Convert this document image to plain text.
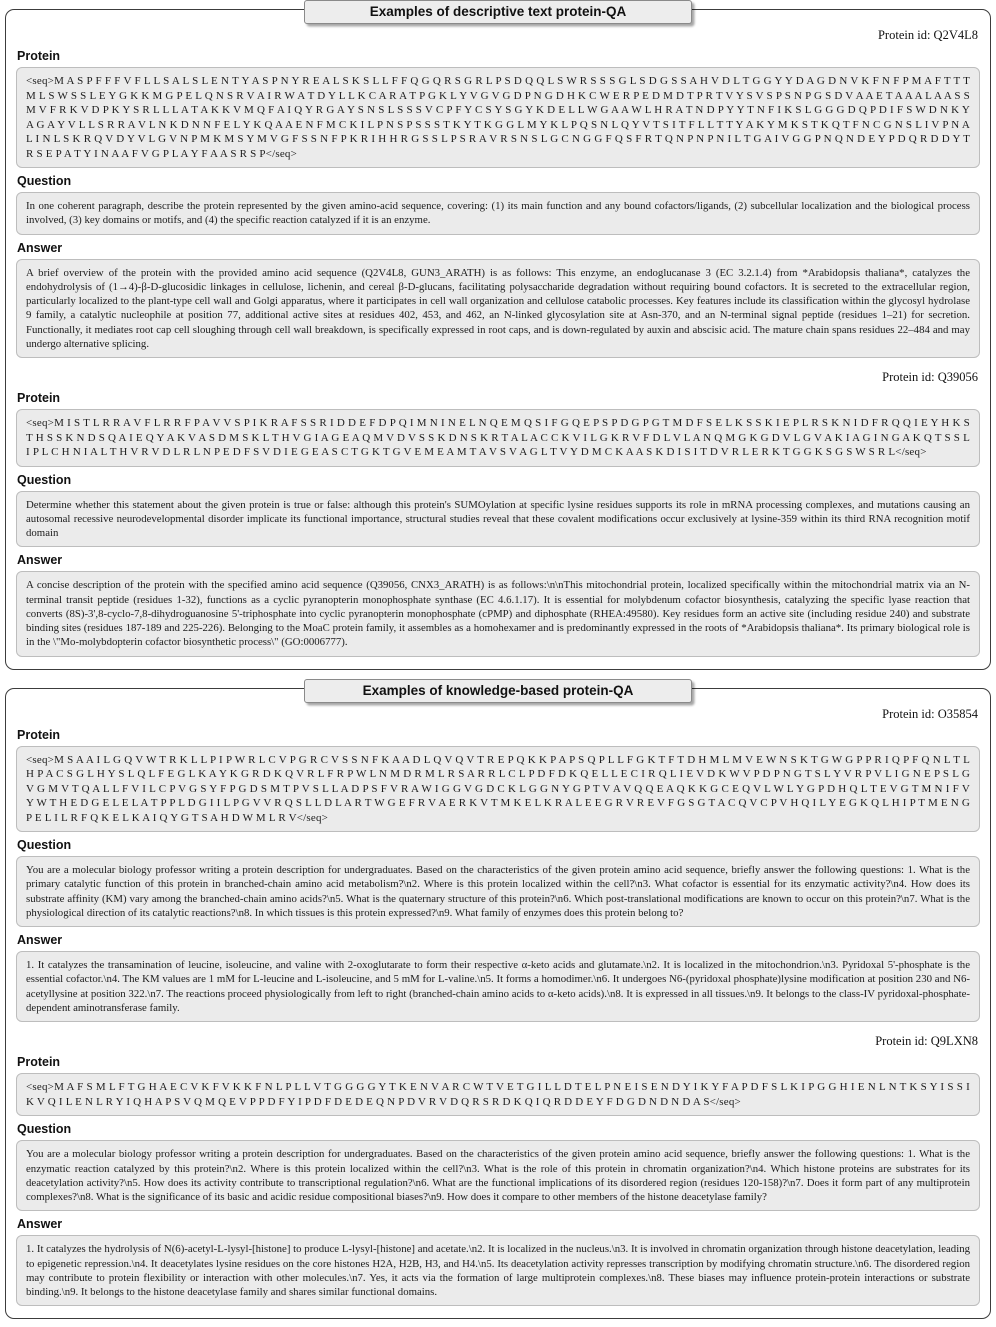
Examples of descriptive text protein-QA
Protein id: Q2V4L8
Protein
<seq>M A S P F F F V F L L S A L S L E N T Y A S P N Y R E A L S K S L L F F Q G Q R S G R L P S D Q Q L S W R S S S G L S D G S S A H V D L T G G Y Y D A G D N V K F N F P M A F T T T M L S W S S L E Y G K K M G P E L Q N S R V A I R W A T D Y L L K C A R A T P G K L Y V G V G D P N G D H K C W E R P E D M D T P R T V Y S V S P S N P G S D V A A E T A A A L A A S S M V F R K V D P K Y S R L L L A T A K K V M Q F A I Q Y R G A Y S N S L S S S V C P F Y C S Y S G Y K D E L L W G A A W L H R A T N D P Y Y T N F I K S L G G G D Q P D I F S W D N K Y A G A Y V L L S R R A V L N K D N N F E L Y K Q A A E N F M C K I L P N S P S S S T K Y T K G G L M Y K L P Q S N L Q Y V T S I T F L L T T Y A K Y M K S T K Q T F N C G N S L I V P N A L I N L S K R Q V D Y V L G V N P M K M S Y M V G F S S N F P K R I H H R G S S L P S R A V R S N S L G C N G G F Q S F R T Q N P N P N I L T G A I V G G P N Q N D E Y P D Q R D D Y T R S E P A T Y I N A A F V G P L A Y F A A S R S P</seq>
Question
In one coherent paragraph, describe the protein represented by the given amino-acid sequence, covering: (1) its main function and any bound cofactors/ligands, (2) subcellular localization and the biological process involved, (3) key domains or motifs, and (4) the specific reaction catalyzed if it is an enzyme.
Answer
A brief overview of the protein with the provided amino acid sequence (Q2V4L8, GUN3_ARATH) is as follows: This enzyme, an endoglucanase 3 (EC 3.2.1.4) from *Arabidopsis thaliana*, catalyzes the endohydrolysis of (1→4)-β-D-glucosidic linkages in cellulose, lichenin, and cereal β-D-glucans, facilitating polysaccharide degradation without requiring bound cofactors. It is secreted to the extracellular region, particularly localized to the plant-type cell wall and Golgi apparatus, where it participates in cell wall organization and cellulose catabolic processes. Key features include its classification within the glycosyl hydrolase 9 family, a catalytic nucleophile at position 77, additional active sites at residues 402, 453, and 462, an N-linked glycosylation site at Asn-370, and an N-terminal signal peptide (residues 1–21) for secretion. Functionally, it mediates root cap cell sloughing through cell wall breakdown, is specifically expressed in root caps, and is down-regulated by auxin and abscisic acid. The mature chain spans residues 22–484 and may undergo alternative splicing.
Protein id: Q39056
Protein
<seq>M I S T L R R A V F L R R F P A V V S P I K R A F S S R I D D E F D P Q I M N I N E L N Q E M Q S I F G Q E P S P D G P G T M D F S E L K S S K I E P L R S K N I D F R Q Q I E Y H K S T H S S K N D S Q A I E Q Y A K V A S D M S K L T H V G I A G E A Q M V D V S S K D N S K R T A L A C C K V I L G K R V F D L V L A N Q M G K G D V L G V A K I A G I N G A K Q T S S L I P L C H N I A L T H V R V D L R L N P E D F S V D I E G E A S C T G K T G V E M E A M T A V S V A G L T V Y D M C K A A S K D I S I T D V R L E R K T G G K S G S W S R L</seq>
Question
Determine whether this statement about the given protein is true or false: although this protein's SUMOylation at specific lysine residues supports its role in mRNA processing complexes, and mutations causing an autosomal recessive neurodevelopmental disorder implicate its functional importance, structural studies reveal that these covalent modifications occur exclusively at lysine-359 within its third RNA recognition motif domain
Answer
A concise description of the protein with the specified amino acid sequence (Q39056, CNX3_ARATH) is as follows:\n\nThis mitochondrial protein, localized specifically within the mitochondrial matrix via an N-terminal transit peptide (residues 1-32), functions as a cyclic pyranopterin monophosphate synthase (EC 4.6.1.17). It is essential for molybdenum cofactor biosynthesis, catalyzing the specific lyase reaction that converts (8S)-3',8-cyclo-7,8-dihydroguanosine 5'-triphosphate into cyclic pyranopterin monophosphate (cPMP) and diphosphate (RHEA:49580). Key residues form an active site (including residue 240) and substrate binding sites (residues 187-189 and 225-226). Belonging to the MoaC protein family, it assembles as a homohexamer and is predominantly expressed in the roots of *Arabidopsis thaliana*. Its primary biological role is in the \"Mo-molybdopterin cofactor biosynthetic process\" (GO:0006777).
Examples of knowledge-based protein-QA
Protein id: O35854
Protein
<seq>M S A A I L G Q V W T R K L L P I P W R L C V P G R C V S S N F K A A D L Q V Q V T R E P Q K K P A P S Q P L L F G K T F T D H M L M V E W N S K T G W G P P R I Q P F Q N L T L H P A C S G L H Y S L Q L F E G L K A Y K G R D K Q V R L F R P W L N M D R M L R S A R R L C L P D F D K Q E L L E C I R Q L I E V D K W V P D P N G T S L Y V R P V L I G N E P S L G V G M V T Q A L L F V I L C P V G S Y F P G D S M T P V S L L A D P S F V R A W I G G V G D C K L G G N Y G P T V A V Q Q E A Q K K G C E Q V L W L Y G P D H Q L T E V G T M N I F V Y W T H E D G E L E L A T P P L D G I I L P G V V R Q S L L D L A R T W G E F R V A E R K V T M K E L K R A L E E G R V R E V F G S G T A C Q V C P V H Q I L Y E G K Q L H I P T M E N G P E L I L R F Q K E L K A I Q Y G T S A H D W M L R V</seq>
Question
You are a molecular biology professor writing a protein description for undergraduates. Based on the characteristics of the given protein amino acid sequence, briefly answer the following questions: 1. What is the primary catalytic function of this protein in branched-chain amino acid metabolism?\n2. Where is this protein localized within the cell?\n3. What cofactor is essential for its enzymatic activity?\n4. How does its substrate affinity (KM) vary among the branched-chain amino acids?\n5. What is the quaternary structure of this protein?\n6. Which post-translational modifications are known to occur on this protein?\n7. What is the physiological direction of its catalytic reactions?\n8. In which tissues is this protein expressed?\n9. What family of enzymes does this protein belong to?
Answer
1. It catalyzes the transamination of leucine, isoleucine, and valine with 2-oxoglutarate to form their respective α-keto acids and glutamate.\n2. It is localized in the mitochondrion.\n3. Pyridoxal 5'-phosphate is the essential cofactor.\n4. The KM values are 1 mM for L-leucine and L-isoleucine, and 5 mM for L-valine.\n5. It forms a homodimer.\n6. It undergoes N6-(pyridoxal phosphate)lysine modification at position 230 and N6-acetyllysine at position 322.\n7. The reactions proceed physiologically from left to right (branched-chain amino acids to α-keto acids).\n8. It is expressed in all tissues.\n9. It belongs to the class-IV pyridoxal-phosphate-dependent aminotransferase family.
Protein id: Q9LXN8
Protein
<seq>M A F S M L F T G H A E C V K F V K K F N L P L L V T G G G G Y T K E N V A R C W T V E T G I L L D T E L P N E I S E N D Y I K Y F A P D F S L K I P G G H I E N L N T K S Y I S S I K V Q I L E N L R Y I Q H A P S V Q M Q E V P P D F Y I P D F D E D E Q N P D V R V D Q R S R D K Q I Q R D D E Y F D G D N D N D A S</seq>
Question
You are a molecular biology professor writing a protein description for undergraduates. Based on the characteristics of the given protein amino acid sequence, briefly answer the following questions: 1. What is the enzymatic reaction catalyzed by this protein?\n2. Where is this protein localized within the cell?\n3. What is the role of this protein in chromatin organization?\n4. Which histone proteins are substrates for its deacetylation activity?\n5. How does its activity contribute to transcriptional regulation?\n6. What are the functional implications of its disordered region (residues 120-158)?\n7. Does it form part of any multiprotein complexes?\n8. What is the significance of its basic and acidic residue compositional biases?\n9. How does it compare to other members of the histone deacetylase family?
Answer
1. It catalyzes the hydrolysis of N(6)-acetyl-L-lysyl-[histone] to produce L-lysyl-[histone] and acetate.\n2. It is localized in the nucleus.\n3. It is involved in chromatin organization through histone deacetylation, leading to epigenetic repression.\n4. It deacetylates lysine residues on the core histones H2A, H2B, H3, and H4.\n5. Its deacetylation activity represses transcription by modifying chromatin structure.\n6. The disordered region may contribute to protein flexibility or interaction with other molecules.\n7. Yes, it acts via the formation of large multiprotein complexes.\n8. These biases may influence protein-protein interactions or substrate binding.\n9. It belongs to the histone deacetylase family and shares similar functional domains.
